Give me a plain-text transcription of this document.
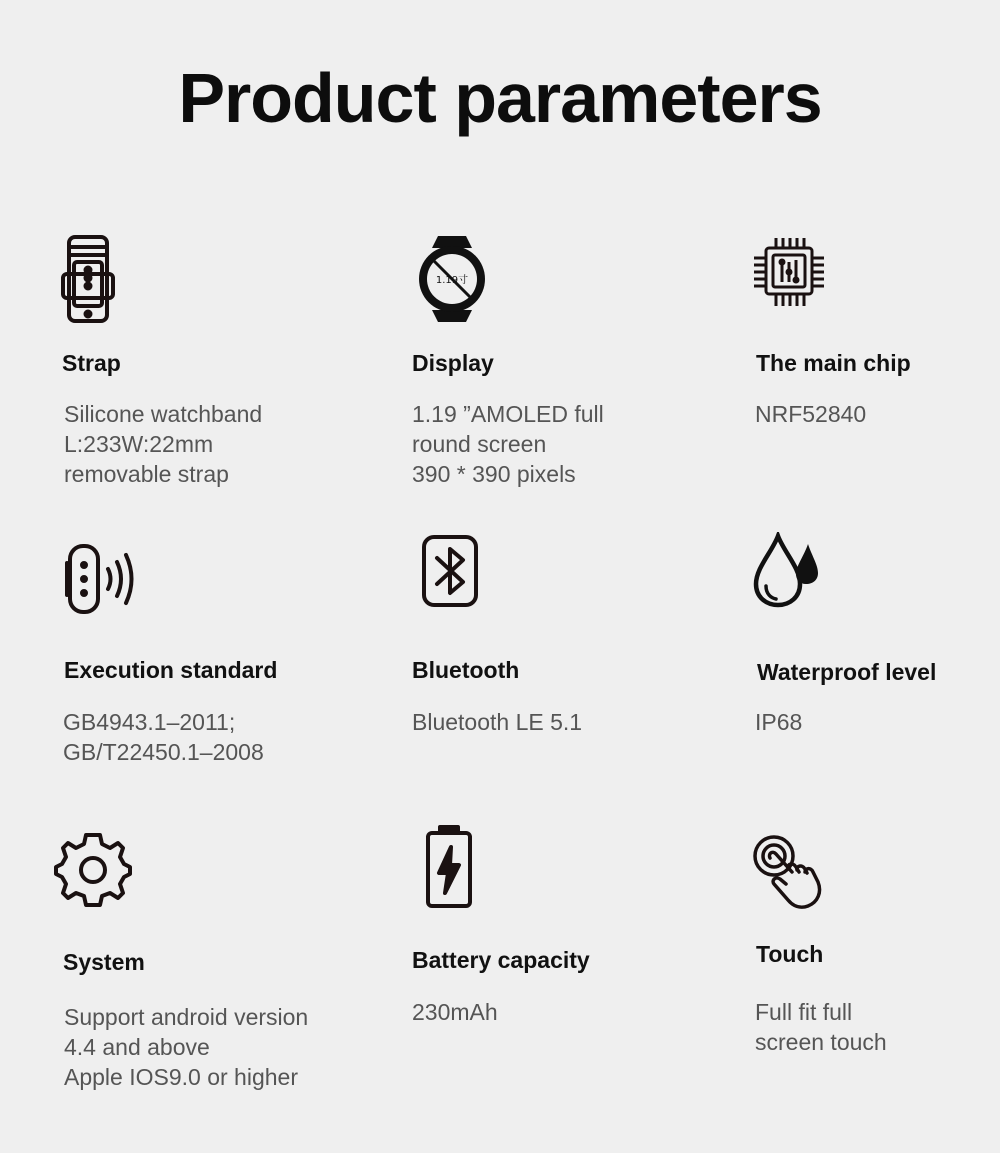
Product parameters
Strap
Silicone watchband
L:233W:22mm
removable strap
1.19寸
Display
1.19 ”AMOLED full
round screen
390 * 390 pixels
The main chip
NRF52840
Execution standard
GB4943.1–2011;
GB/T22450.1–2008
Bluetooth
Bluetooth LE 5.1
Waterproof level
IP68
System
Support android version
4.4 and above
Apple IOS9.0 or higher
Battery capacity
230mAh
Touch
Full fit full
screen touch
